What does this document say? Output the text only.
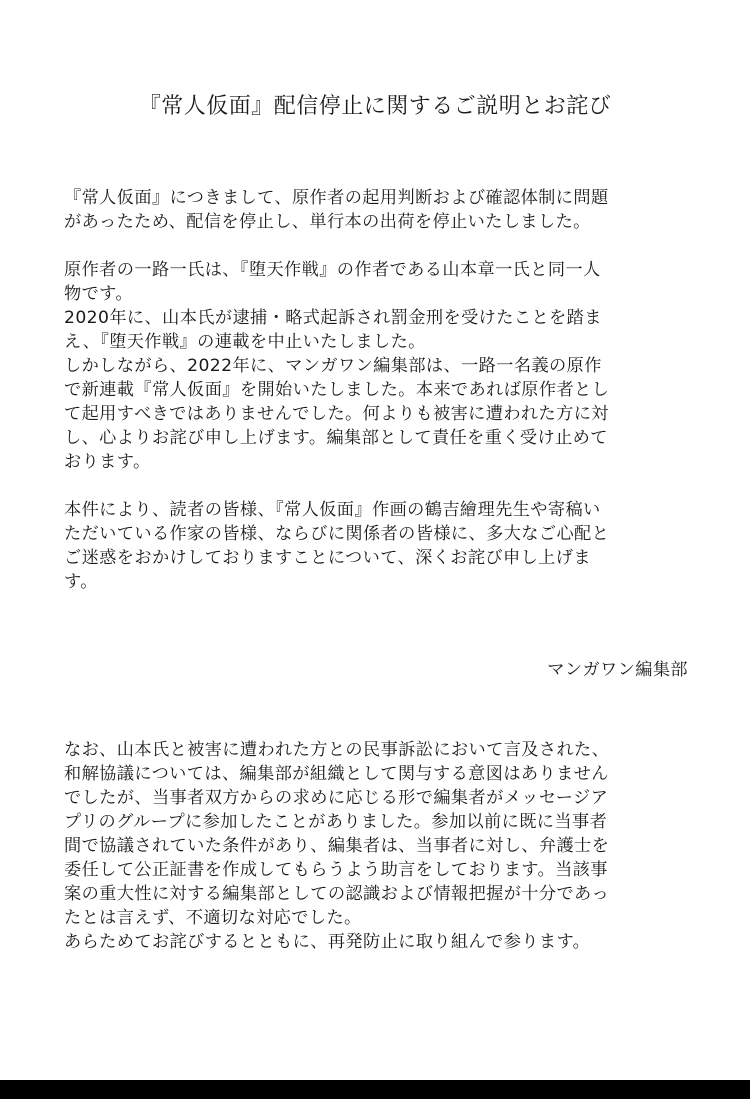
『常人仮面』配信停止に関するご説明とお詫び
『常人仮面』につきまして、原作者の起用判断および確認体制に問題
があったため、配信を停止し、単行本の出荷を停止いたしました。
原作者の一路一氏は、『堕天作戦』の作者である山本章一氏と同一人
物です。
2020年に、山本氏が逮捕・略式起訴され罰金刑を受けたことを踏ま
え、『堕天作戦』の連載を中止いたしました。
しかしながら、2022年に、マンガワン編集部は、一路一名義の原作
で新連載『常人仮面』を開始いたしました。本来であれば原作者とし
て起用すべきではありませんでした。何よりも被害に遭われた方に対
し、心よりお詫び申し上げます。編集部として責任を重く受け止めて
おります。
本件により、読者の皆様、『常人仮面』作画の鶴吉繪理先生や寄稿い
ただいている作家の皆様、ならびに関係者の皆様に、多大なご心配と
ご迷惑をおかけしておりますことについて、深くお詫び申し上げま
す。
マンガワン編集部
なお、山本氏と被害に遭われた方との民事訴訟において言及された、
和解協議については、編集部が組織として関与する意図はありません
でしたが、当事者双方からの求めに応じる形で編集者がメッセージア
プリのグループに参加したことがありました。参加以前に既に当事者
間で協議されていた条件があり、編集者は、当事者に対し、弁護士を
委任して公正証書を作成してもらうよう助言をしております。当該事
案の重大性に対する編集部としての認識および情報把握が十分であっ
たとは言えず、不適切な対応でした。
あらためてお詫びするとともに、再発防止に取り組んで参ります。
